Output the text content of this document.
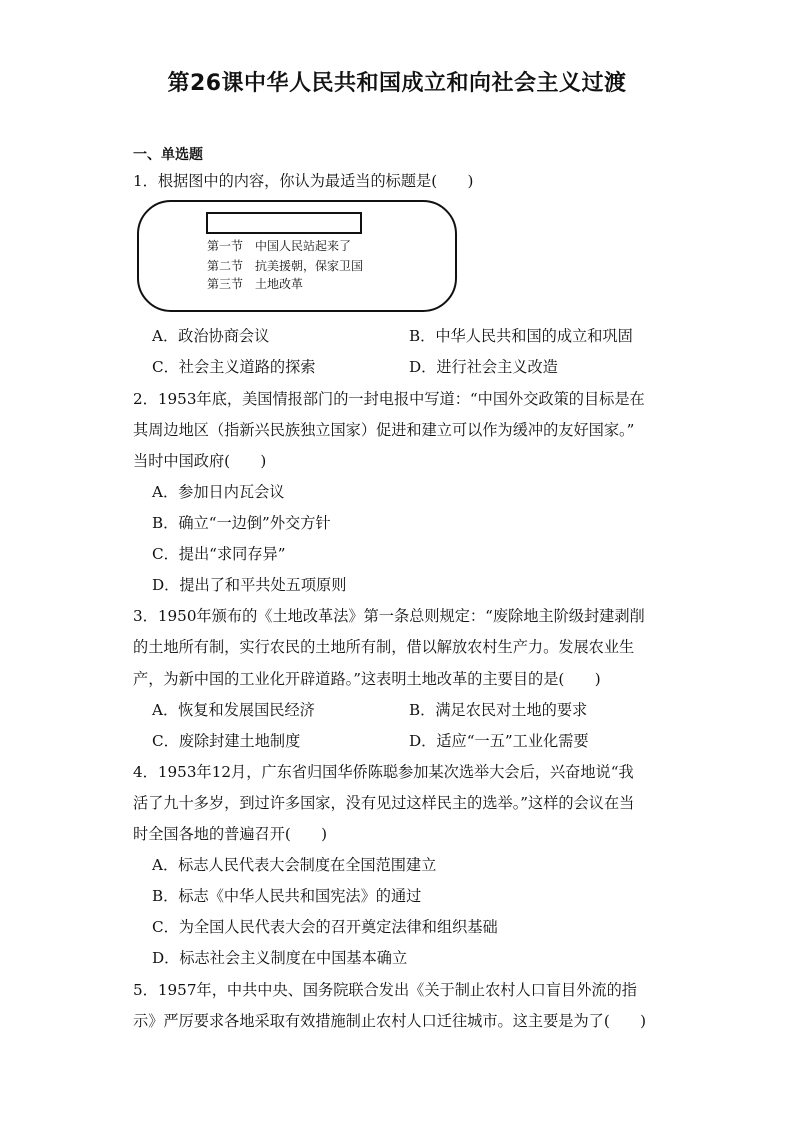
第26课中华人民共和国成立和向社会主义过渡
一、单选题
1．根据图中的内容，你认为最适当的标题是(　　)
第一节　中国人民站起来了
第二节　抗美援朝，保家卫国
第三节　土地改革
A．政治协商会议	B．中华人民共和国的成立和巩固
C．社会主义道路的探索	D．进行社会主义改造
2．1953年底，美国情报部门的一封电报中写道：“中国外交政策的目标是在
其周边地区（指新兴民族独立国家）促进和建立可以作为缓冲的友好国家。”
当时中国政府(　　)
A．参加日内瓦会议
B．确立“一边倒”外交方针
C．提出“求同存异”
D．提出了和平共处五项原则
3．1950年颁布的《土地改革法》第一条总则规定：“废除地主阶级封建剥削
的土地所有制，实行农民的土地所有制，借以解放农村生产力。发展农业生
产，为新中国的工业化开辟道路。”这表明土地改革的主要目的是(　　)
A．恢复和发展国民经济	B．满足农民对土地的要求
C．废除封建土地制度	D．适应“一五”工业化需要
4．1953年12月，广东省归国华侨陈聪参加某次选举大会后，兴奋地说“我
活了九十多岁，到过许多国家，没有见过这样民主的选举。”这样的会议在当
时全国各地的普遍召开(　　)
A．标志人民代表大会制度在全国范围建立
B．标志《中华人民共和国宪法》的通过
C．为全国人民代表大会的召开奠定法律和组织基础
D．标志社会主义制度在中国基本确立
5．1957年，中共中央、国务院联合发出《关于制止农村人口盲目外流的指
示》严厉要求各地采取有效措施制止农村人口迁往城市。这主要是为了(　　)
